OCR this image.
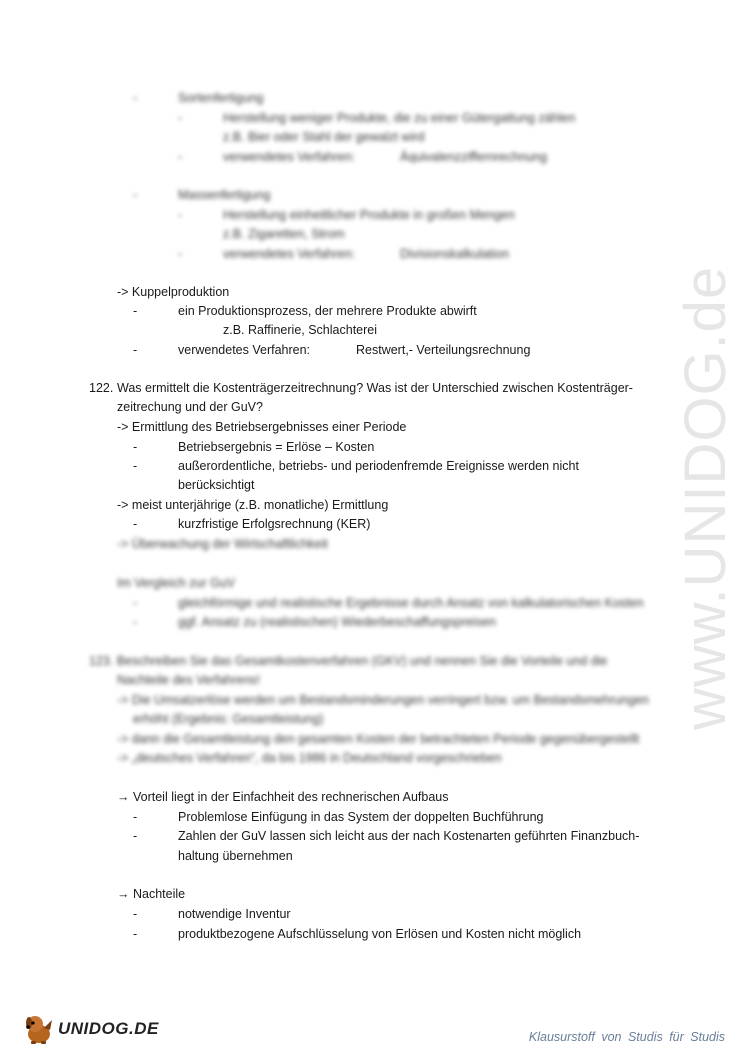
www.UNIDOG.de
-	Sortenfertigung
-	Herstellung weniger Produkte, die zu einer Gütergattung zählen
z.B. Bier oder Stahl der gewalzt wird
-	verwendetes Verfahren:	Äquivalenzziffernrechnung
-	Massenfertigung
-	Herstellung einheitlicher Produkte in großen Mengen
z.B. Zigaretten, Strom
-	verwendetes Verfahren:	Divisionskalkulation
-> Kuppelproduktion
-	ein Produktionsprozess, der mehrere Produkte abwirft
z.B. Raffinerie, Schlachterei
-	verwendetes Verfahren:	Restwert,- Verteilungsrechnung
122. Was ermittelt die Kostenträgerzeitrechnung? Was ist der Unterschied zwischen Kostenträger-
zeitrechung und der GuV?
-> Ermittlung des Betriebsergebnisses einer Periode
-	Betriebsergebnis = Erlöse – Kosten
-	außerordentliche, betriebs- und periodenfremde Ereignisse werden nicht
berücksichtigt
-> meist unterjährige (z.B. monatliche) Ermittlung
-	kurzfristige Erfolgsrechnung (KER)
-> Überwachung der Wirtschaftlichkeit
Im Vergleich zur GuV
-	gleichförmige und realistische Ergebnisse durch Ansatz von kalkulatorischen Kosten
-	ggf. Ansatz zu (realistischen) Wiederbeschaffungspreisen
123. Beschreiben Sie das Gesamtkostenverfahren (GKV) und nennen Sie die Vorteile und die
Nachteile des Verfahrens!
-> Die Umsatzerlöse werden um Bestandsminderungen verringert bzw. um Bestandsmehrungen
erhöht (Ergebnis: Gesamtleistung)
-> dann die Gesamtleistung den gesamten Kosten der betrachteten Periode gegenübergestellt
-> „deutsches Verfahren“, da bis 1986 in Deutschland vorgeschrieben
→ Vorteil liegt in der Einfachheit des rechnerischen Aufbaus
-	Problemlose Einfügung in das System der doppelten Buchführung
-	Zahlen der GuV lassen sich leicht aus der nach Kostenarten geführten Finanzbuch-
haltung übernehmen
→ Nachteile
-	notwendige Inventur
-	produktbezogene Aufschlüsselung von Erlösen und Kosten nicht möglich
UNIDOG.DE	Klausurstoff von Studis für Studis
